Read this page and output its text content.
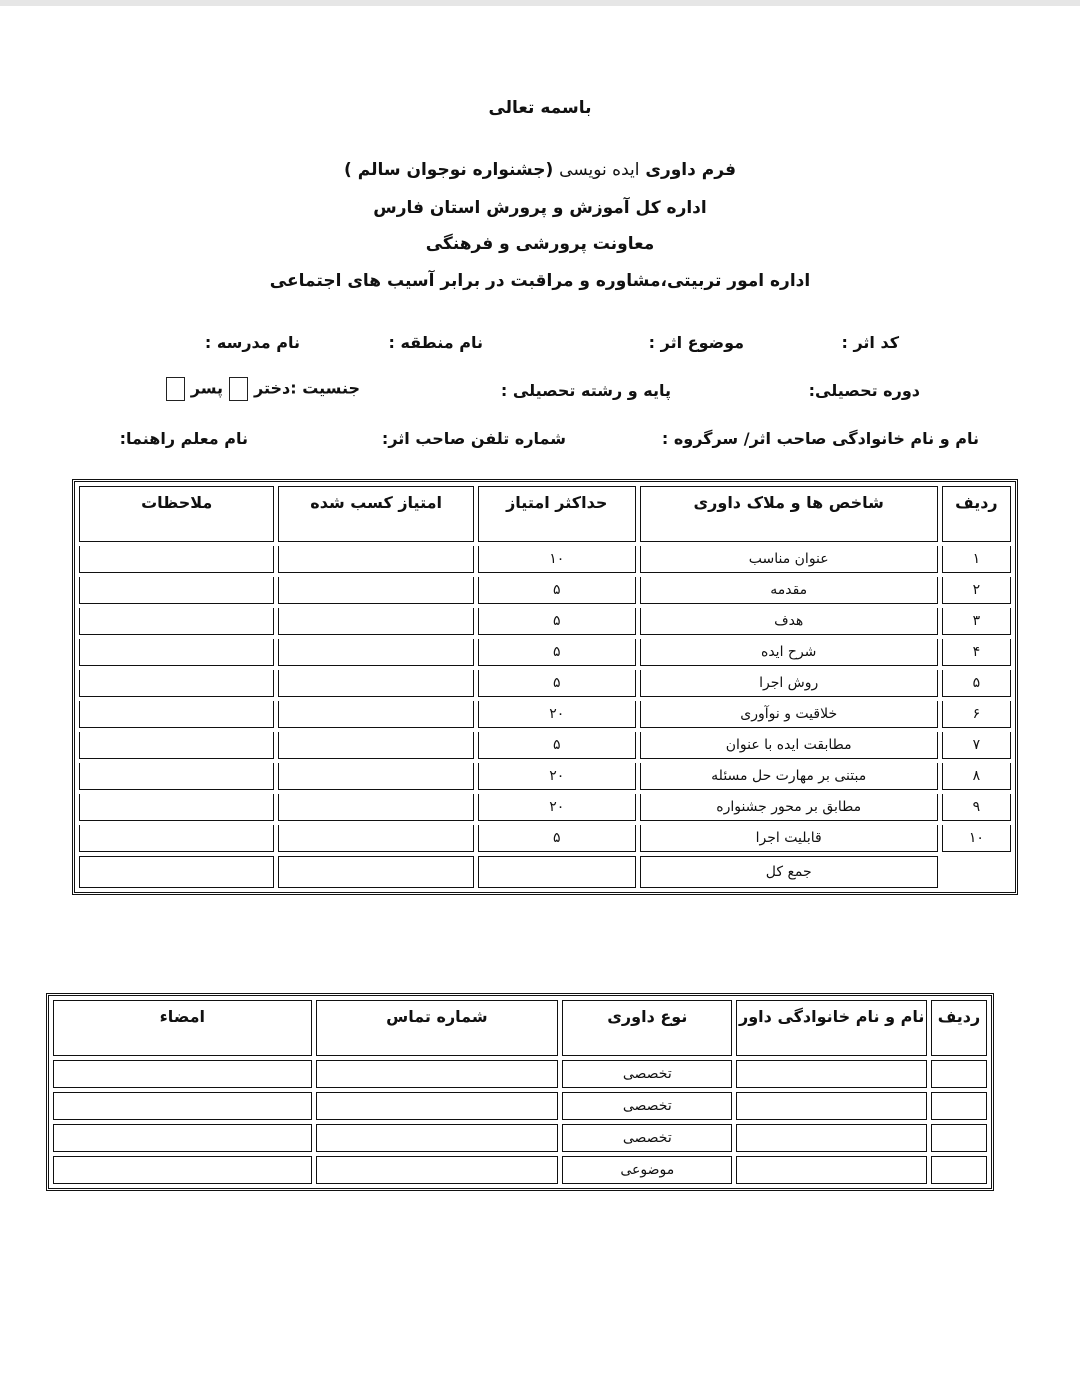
باسمه تعالی
فرم داوری ایده نویسی (جشنواره نوجوان سالم )
اداره کل آموزش و پرورش استان فارس
معاونت پرورشی و فرهنگی
اداره امور تربیتی،مشاوره و مراقبت در برابر آسیب های اجتماعی
کد اثر :
موضوع اثر :
نام منطقه :
نام مدرسه :
دوره تحصیلی:
پایه و رشته تحصیلی :
جنسیت :دخترپسر
نام و نام خانوادگی صاحب اثر/ سرگروه :
شماره تلفن صاحب اثر:
نام معلم راهنما:
ردیف	شاخص ها و ملاک داوری	حداکثر امتیاز	امتیاز کسب شده	ملاحظات
۱	عنوان مناسب	۱۰		
۲	مقدمه	۵		
۳	هدف	۵		
۴	شرح ایده	۵		
۵	روش اجرا	۵		
۶	خلاقیت و نوآوری	۲۰		
۷	مطابقت ایده با عنوان	۵		
۸	مبتنی بر مهارت حل مسئله	۲۰		
۹	مطابق بر محور جشنواره	۲۰		
۱۰	قابلیت اجرا	۵		
	جمع کل			
ردیف	نام و نام خانوادگی داور	نوع داوری	شماره تماس	امضاء
		تخصصی		
		تخصصی		
		تخصصی		
		موضوعی		
